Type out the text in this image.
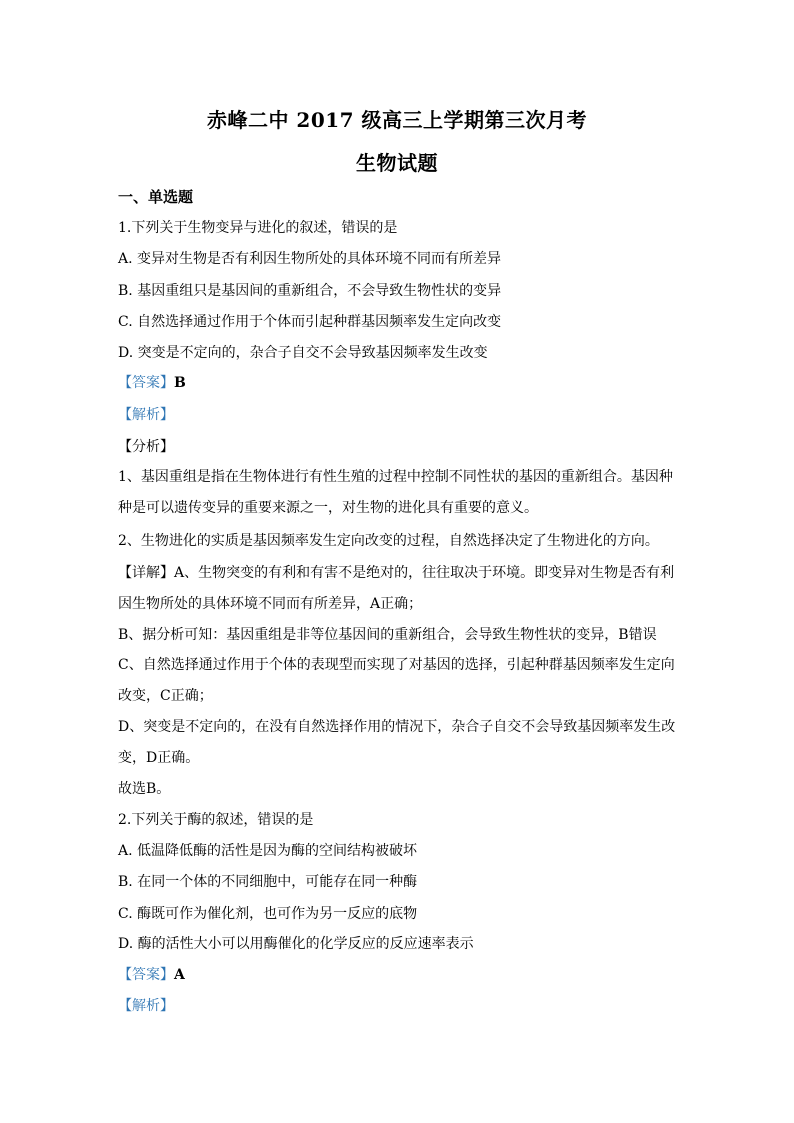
赤峰二中 2017 级高三上学期第三次月考
生物试题
一、单选题
1.下列关于生物变异与进化的叙述，错误的是
A. 变异对生物是否有利因生物所处的具体环境不同而有所差异
B. 基因重组只是基因间的重新组合，不会导致生物性状的变异
C. 自然选择通过作用于个体而引起种群基因频率发生定向改变
D. 突变是不定向的，杂合子自交不会导致基因频率发生改变
【答案】B
【解析】
【分析】
1、基因重组是指在生物体进行有性生殖的过程中控制不同性状的基因的重新组合。基因种
种是可以遗传变异的重要来源之一，对生物的进化具有重要的意义。
2、生物进化的实质是基因频率发生定向改变的过程，自然选择决定了生物进化的方向。
【详解】A、生物突变的有利和有害不是绝对的，往往取决于环境。即变异对生物是否有利
因生物所处的具体环境不同而有所差异，A正确；
B、据分析可知：基因重组是非等位基因间的重新组合，会导致生物性状的变异，B错误
C、自然选择通过作用于个体的表现型而实现了对基因的选择，引起种群基因频率发生定向
改变，C正确；
D、突变是不定向的，在没有自然选择作用的情况下，杂合子自交不会导致基因频率发生改
变，D正确。
故选B。
2.下列关于酶的叙述，错误的是
A. 低温降低酶的活性是因为酶的空间结构被破坏
B. 在同一个体的不同细胞中，可能存在同一种酶
C. 酶既可作为催化剂，也可作为另一反应的底物
D. 酶的活性大小可以用酶催化的化学反应的反应速率表示
【答案】A
【解析】
